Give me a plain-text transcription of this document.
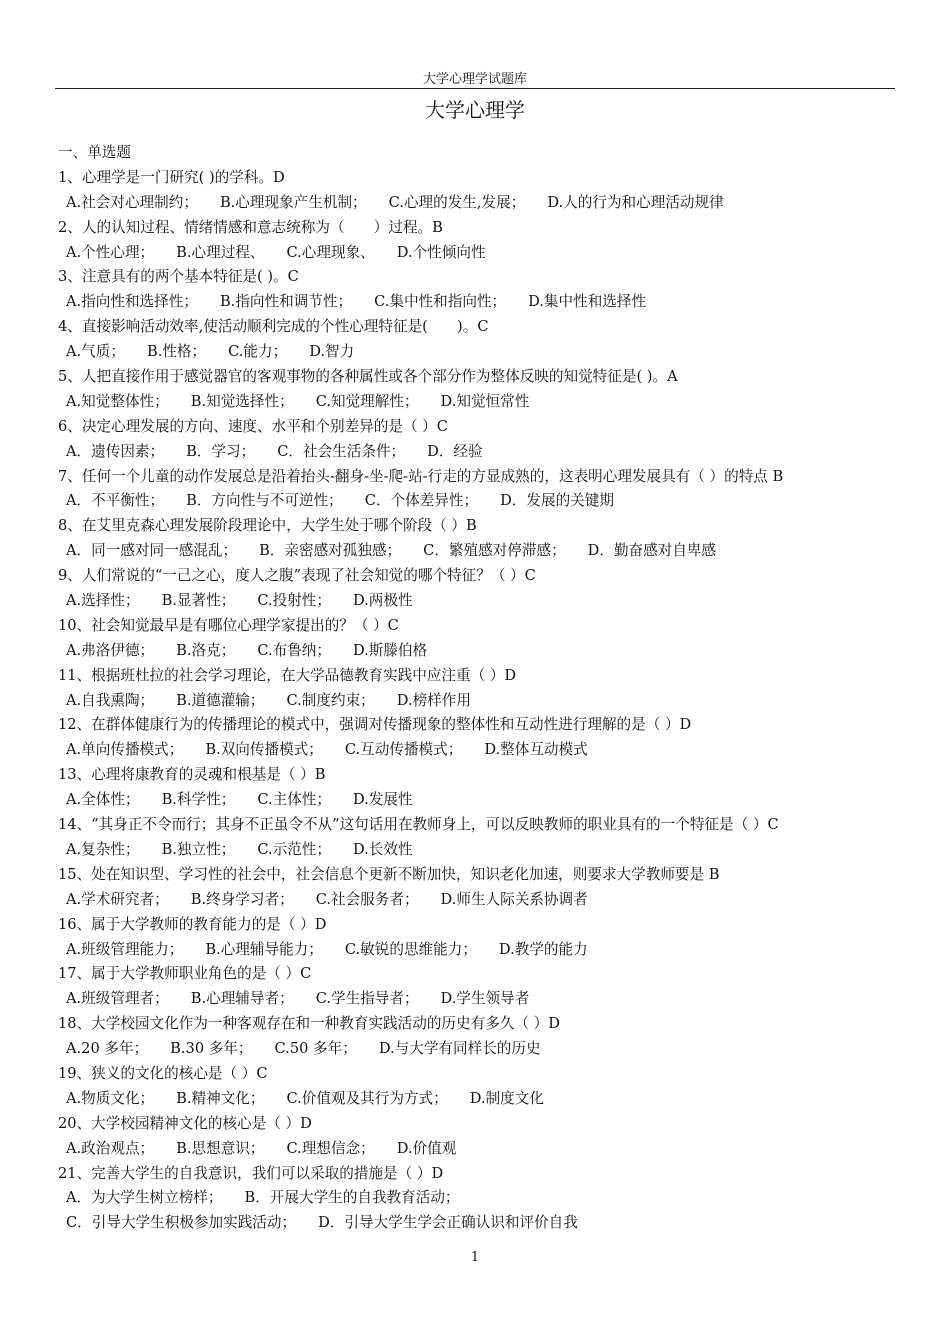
大学心理学试题库
大学心理学
一、单选题
1、心理学是一门研究( )的学科。D
A.社会对心理制约； B.心理现象产生机制； C.心理的发生,发展； D.人的行为和心理活动规律
2、人的认知过程、情绪情感和意志统称为（　　）过程。B
A.个性心理； B.心理过程、 C.心理现象、 D.个性倾向性
3、注意具有的两个基本特征是( )。C
A.指向性和选择性； B.指向性和调节性； C.集中性和指向性； D.集中性和选择性
4、直接影响活动效率,使活动顺利完成的个性心理特征是(　　)。C
A.气质； B.性格； C.能力； D.智力
5、人把直接作用于感觉器官的客观事物的各种属性或各个部分作为整体反映的知觉特征是( )。A
A.知觉整体性； B.知觉选择性； C.知觉理解性； D.知觉恒常性
6、决定心理发展的方向、速度、水平和个别差异的是（ ）C
A．遗传因素； B．学习； C．社会生活条件； D．经验
7、任何一个儿童的动作发展总是沿着抬头-翻身-坐-爬-站-行走的方显成熟的，这表明心理发展具有（ ）的特点 B
A．不平衡性； B．方向性与不可逆性； C．个体差异性； D．发展的关键期
8、在艾里克森心理发展阶段理论中，大学生处于哪个阶段（ ）B
A．同一感对同一感混乱； B．亲密感对孤独感； C．繁殖感对停滞感； D．勤奋感对自卑感
9、人们常说的“一己之心，度人之腹”表现了社会知觉的哪个特征？（ ）C
A.选择性； B.显著性； C.投射性； D.两极性
10、社会知觉最早是有哪位心理学家提出的？（ ）C
A.弗洛伊德； B.洛克； C.布鲁纳； D.斯滕伯格
11、根据班杜拉的社会学习理论，在大学品德教育实践中应注重（ ）D
A.自我熏陶； B.道德灌输； C.制度约束； D.榜样作用
12、在群体健康行为的传播理论的模式中，强调对传播现象的整体性和互动性进行理解的是（ ）D
A.单向传播模式； B.双向传播模式； C.互动传播模式； D.整体互动模式
13、心理将康教育的灵魂和根基是（ ）B
A.全体性； B.科学性； C.主体性； D.发展性
14、“其身正不令而行；其身不正虽令不从”这句话用在教师身上，可以反映教师的职业具有的一个特征是（ ）C
A.复杂性； B.独立性； C.示范性； D.长效性
15、处在知识型、学习性的社会中，社会信息个更新不断加快，知识老化加速，则要求大学教师要是 B
A.学术研究者； B.终身学习者； C.社会服务者； D.师生人际关系协调者
16、属于大学教师的教育能力的是（ ）D
A.班级管理能力； B.心理辅导能力； C.敏锐的思维能力； D.教学的能力
17、属于大学教师职业角色的是（ ）C
A.班级管理者； B.心理辅导者； C.学生指导者； D.学生领导者
18、大学校园文化作为一种客观存在和一种教育实践活动的历史有多久（ ）D
A.20 多年； B.30 多年； C.50 多年； D.与大学有同样长的历史
19、狭义的文化的核心是（ ）C
A.物质文化； B.精神文化； C.价值观及其行为方式； D.制度文化
20、大学校园精神文化的核心是（ ）D
A.政治观点； B.思想意识； C.理想信念； D.价值观
21、完善大学生的自我意识，我们可以采取的措施是（ ）D
A．为大学生树立榜样； B．开展大学生的自我教育活动；
C．引导大学生积极参加实践活动； D．引导大学生学会正确认识和评价自我
1
